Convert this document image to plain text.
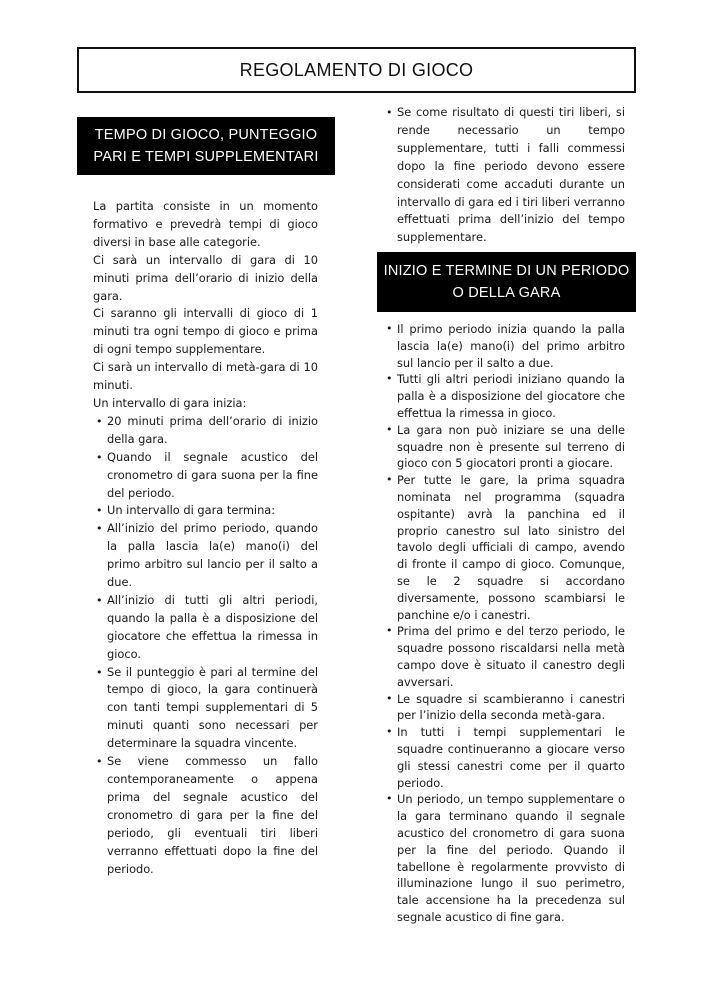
REGOLAMENTO DI GIOCO
TEMPO DI GIOCO, PUNTEGGIO
PARI E TEMPI SUPPLEMENTARI

La partita consiste in un momento formativo e prevedrà tempi di gioco diversi in base alle categorie.

Ci sarà un intervallo di gara di 10 minuti prima dell’orario di inizio della gara.

Ci saranno gli intervalli di gioco di 1 minuti tra ogni tempo di gioco e prima di ogni tempo supplementare.

Ci sarà un intervallo di metà-gara di 10 minuti.

Un intervallo di gara inizia:

• 20 minuti prima dell’orario di inizio della gara.
• Quando il segnale acustico del cronometro di gara suona per la fine del periodo.
• Un intervallo di gara termina:
• All’inizio del primo periodo, quando la palla lascia la(e) mano(i) del primo arbitro sul lancio per il salto a due.
• All’inizio di tutti gli altri periodi, quando la palla è a disposizione del giocatore che effettua la rimessa in gioco.
• Se il punteggio è pari al termine del tempo di gioco, la gara continuerà con tanti tempi supplementari di 5 minuti quanti sono necessari per determinare la squadra vincente.
• Se viene commesso un fallo contemporaneamente o appena prima del segnale acustico del cronometro di gara per la fine del periodo, gli eventuali tiri liberi verranno effettuati dopo la fine del periodo.
• Se come risultato di questi tiri liberi, si rende necessario un tempo supplementare, tutti i falli commessi dopo la fine periodo devono essere considerati come accaduti durante un intervallo di gara ed i tiri liberi verranno effettuati prima dell’inizio del tempo supplementare.
INIZIO E TERMINE DI UN PERIODO
O DELLA GARA
• Il primo periodo inizia quando la palla lascia la(e) mano(i) del primo arbitro sul lancio per il salto a due.
• Tutti gli altri periodi iniziano quando la palla è a disposizione del giocatore che effettua la rimessa in gioco.
• La gara non può iniziare se una delle squadre non è presente sul terreno di gioco con 5 giocatori pronti a giocare.
• Per tutte le gare, la prima squadra nominata nel programma (squadra ospitante) avrà la panchina ed il proprio canestro sul lato sinistro del tavolo degli ufficiali di campo, avendo di fronte il campo di gioco. Comunque, se le 2 squadre si accordano diversamente, possono scambiarsi le panchine e/o i canestri.
• Prima del primo e del terzo periodo, le squadre possono riscaldarsi nella metà campo dove è situato il canestro degli avversari.
• Le squadre si scambieranno i canestri per l’inizio della seconda metà-gara.
• In tutti i tempi supplementari le squadre continueranno a giocare verso gli stessi canestri come per il quarto periodo.
• Un periodo, un tempo supplementare o la gara terminano quando il segnale acustico del cronometro di gara suona per la fine del periodo. Quando il tabellone è regolarmente provvisto di illuminazione lungo il suo perimetro, tale accensione ha la precedenza sul segnale acustico di fine gara.
